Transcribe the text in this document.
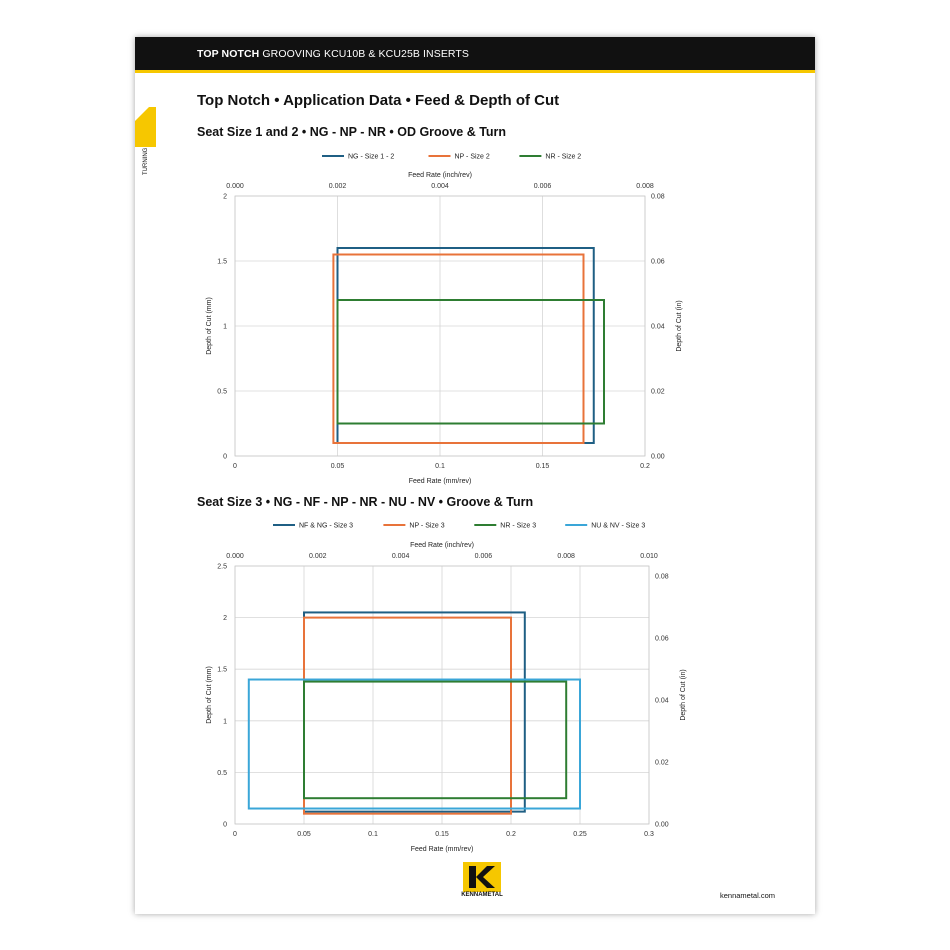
TOP NOTCH GROOVING KCU10B & KCU25B INSERTS
TURNING
Top Notch • Application Data • Feed & Depth of Cut
Seat Size 1 and 2 • NG - NP - NR • OD Groove & Turn
NG - Size 1 - 2	NP - Size 2	NR - Size 2
0	0.05	0.1	0.15	0.2
0
0.5
1
1.5
2
0.000	0.002	0.004	0.006	0.008
0.00
0.02
0.04
0.06
0.08
Feed Rate (mm/rev)
Feed Rate (inch/rev)
Depth of Cut (mm)	Depth of Cut (in)
Seat Size 3 • NG - NF - NP - NR - NU - NV • Groove & Turn
NF & NG - Size 3	NP - Size 3	NR - Size 3	NU & NV - Size 3
0	0.05	0.1	0.15	0.2	0.25	0.3
0
0.5
1
1.5
2
2.5
0.000	0.002	0.004	0.006	0.008	0.010
0.00
0.02
0.04
0.06
0.08
Feed Rate (mm/rev)
Feed Rate (inch/rev)
Depth of Cut (mm)	Depth of Cut (in)
KENNAMETAL	kennametal.com
